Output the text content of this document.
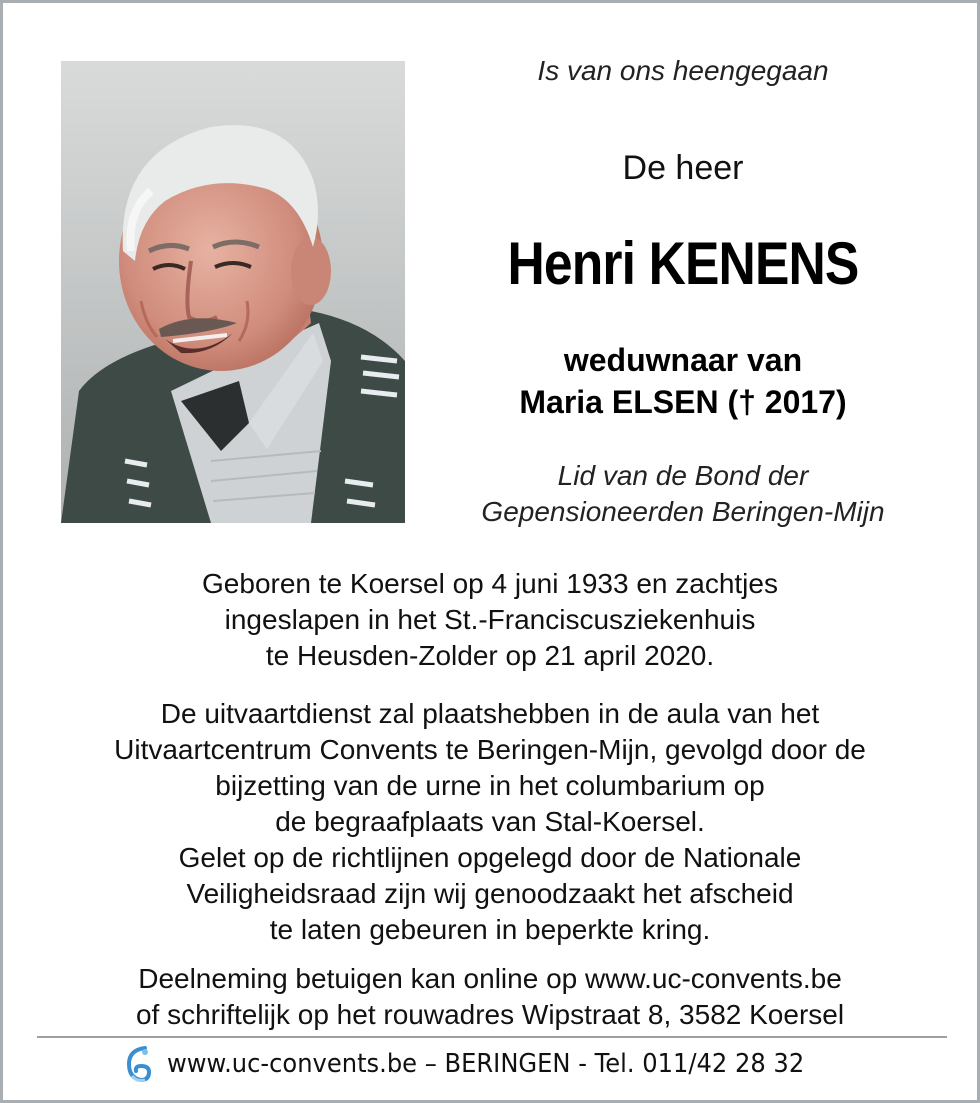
Is van ons heengegaan
De heer
Henri KENENS
weduwnaar van
Maria ELSEN († 2017)
Lid van de Bond der
Gepensioneerden Beringen-Mijn
Geboren te Koersel op 4 juni 1933 en zachtjes
ingeslapen in het St.-Franciscusziekenhuis
te Heusden-Zolder op 21 april 2020.
De uitvaartdienst zal plaatshebben in de aula van het
Uitvaartcentrum Convents te Beringen-Mijn, gevolgd door de
bijzetting van de urne in het columbarium op
de begraafplaats van Stal-Koersel.
Gelet op de richtlijnen opgelegd door de Nationale
Veiligheidsraad zijn wij genoodzaakt het afscheid
te laten gebeuren in beperkte kring.
Deelneming betuigen kan online op www.uc-convents.be
of schriftelijk op het rouwadres Wipstraat 8, 3582 Koersel
www.uc-convents.be – BERINGEN - Tel. 011/42 28 32
